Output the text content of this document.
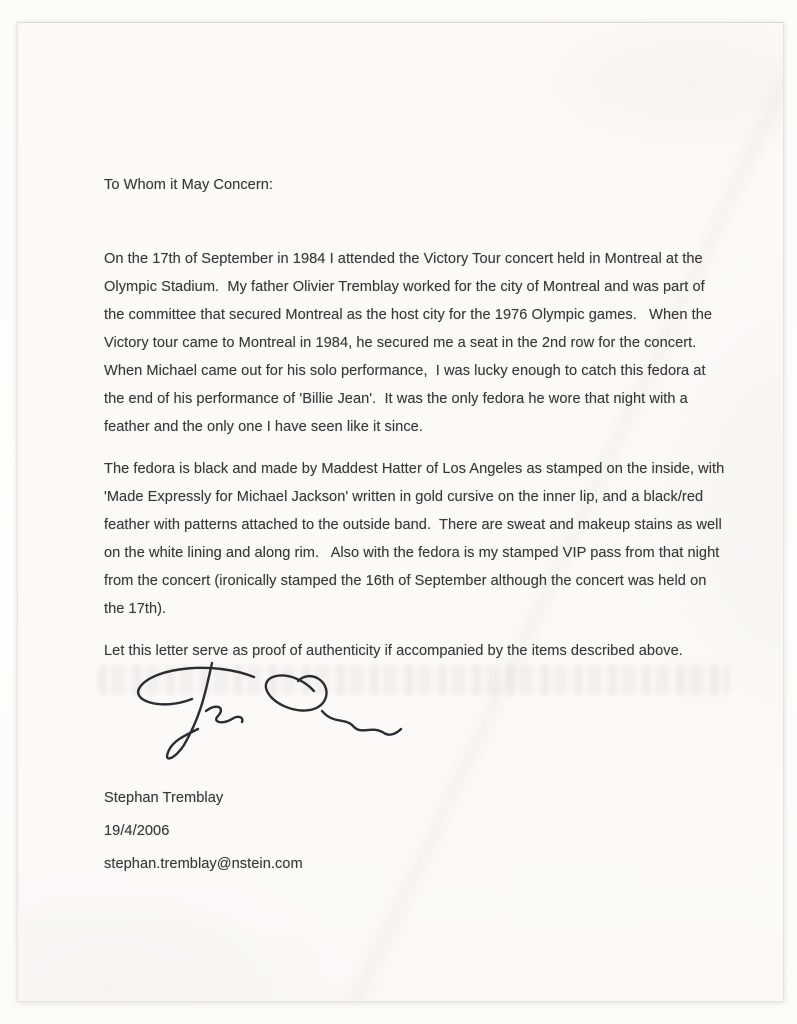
To Whom it May Concern:
On the 17th of September in 1984 I attended the Victory Tour concert held in Montreal at the
Olympic Stadium.  My father Olivier Tremblay worked for the city of Montreal and was part of
the committee that secured Montreal as the host city for the 1976 Olympic games.   When the
Victory tour came to Montreal in 1984, he secured me a seat in the 2nd row for the concert.
When Michael came out for his solo performance,  I was lucky enough to catch this fedora at
the end of his performance of 'Billie Jean'.  It was the only fedora he wore that night with a
feather and the only one I have seen like it since.
The fedora is black and made by Maddest Hatter of Los Angeles as stamped on the inside, with
'Made Expressly for Michael Jackson' written in gold cursive on the inner lip, and a black/red
feather with patterns attached to the outside band.  There are sweat and makeup stains as well
on the white lining and along rim.   Also with the fedora is my stamped VIP pass from that night
from the concert (ironically stamped the 16th of September although the concert was held on
the 17th).
Let this letter serve as proof of authenticity if accompanied by the items described above.
Stephan Tremblay
19/4/2006
stephan.tremblay@nstein.com
